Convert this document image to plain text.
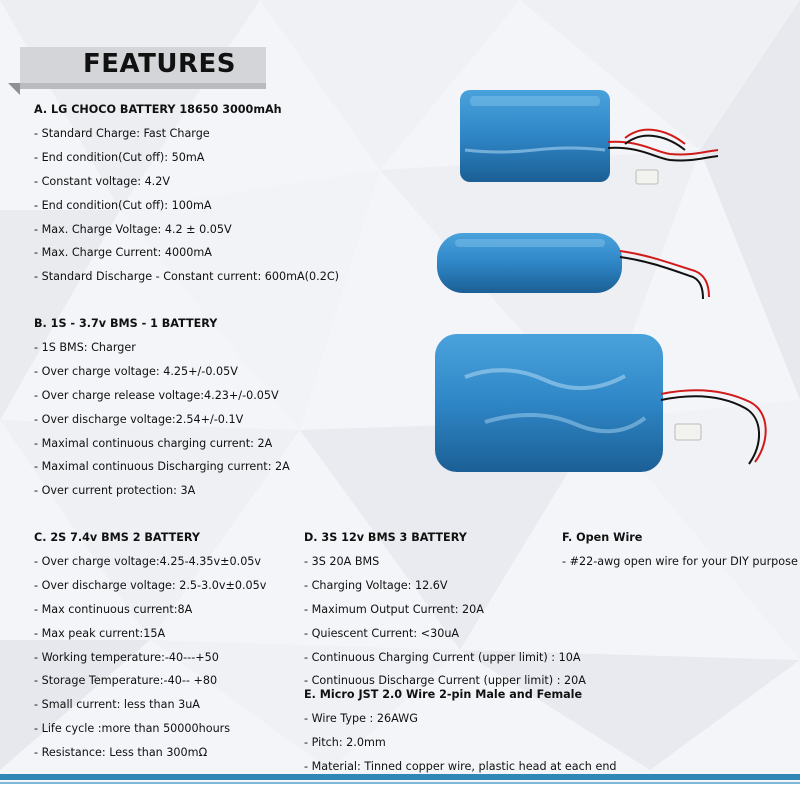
FEATURES
A. LG CHOCO BATTERY 18650 3000mAh
- Standard Charge: Fast Charge
- End condition(Cut off): 50mA
- Constant voltage: 4.2V
- End condition(Cut off): 100mA
- Max. Charge Voltage: 4.2 ± 0.05V
- Max. Charge Current: 4000mA
- Standard Discharge - Constant current: 600mA(0.2C)
B. 1S - 3.7v BMS - 1 BATTERY
- 1S BMS: Charger
- Over charge voltage: 4.25+/-0.05V
- Over charge release voltage:4.23+/-0.05V
- Over discharge voltage:2.54+/-0.1V
- Maximal continuous charging current: 2A
- Maximal continuous Discharging current: 2A
- Over current protection: 3A
C. 2S 7.4v BMS 2 BATTERY
- Over charge voltage:4.25-4.35v±0.05v
- Over discharge voltage: 2.5-3.0v±0.05v
- Max continuous current:8A
- Max peak current:15A
- Working temperature:-40---+50
- Storage Temperature:-40-- +80
- Small current: less than 3uA
- Life cycle :more than 50000hours
- Resistance: Less than 300mΩ
D. 3S 12v BMS 3 BATTERY
- 3S 20A BMS
- Charging Voltage: 12.6V
- Maximum Output Current: 20A
- Quiescent Current: <30uA
- Continuous Charging Current (upper limit) : 10A
- Continuous Discharge Current (upper limit) : 20A
E. Micro JST 2.0 Wire 2-pin Male and Female
- Wire Type : 26AWG
- Pitch: 2.0mm
- Material: Tinned copper wire, plastic head at each end
F. Open Wire
- #22-awg open wire for your DIY purpose
